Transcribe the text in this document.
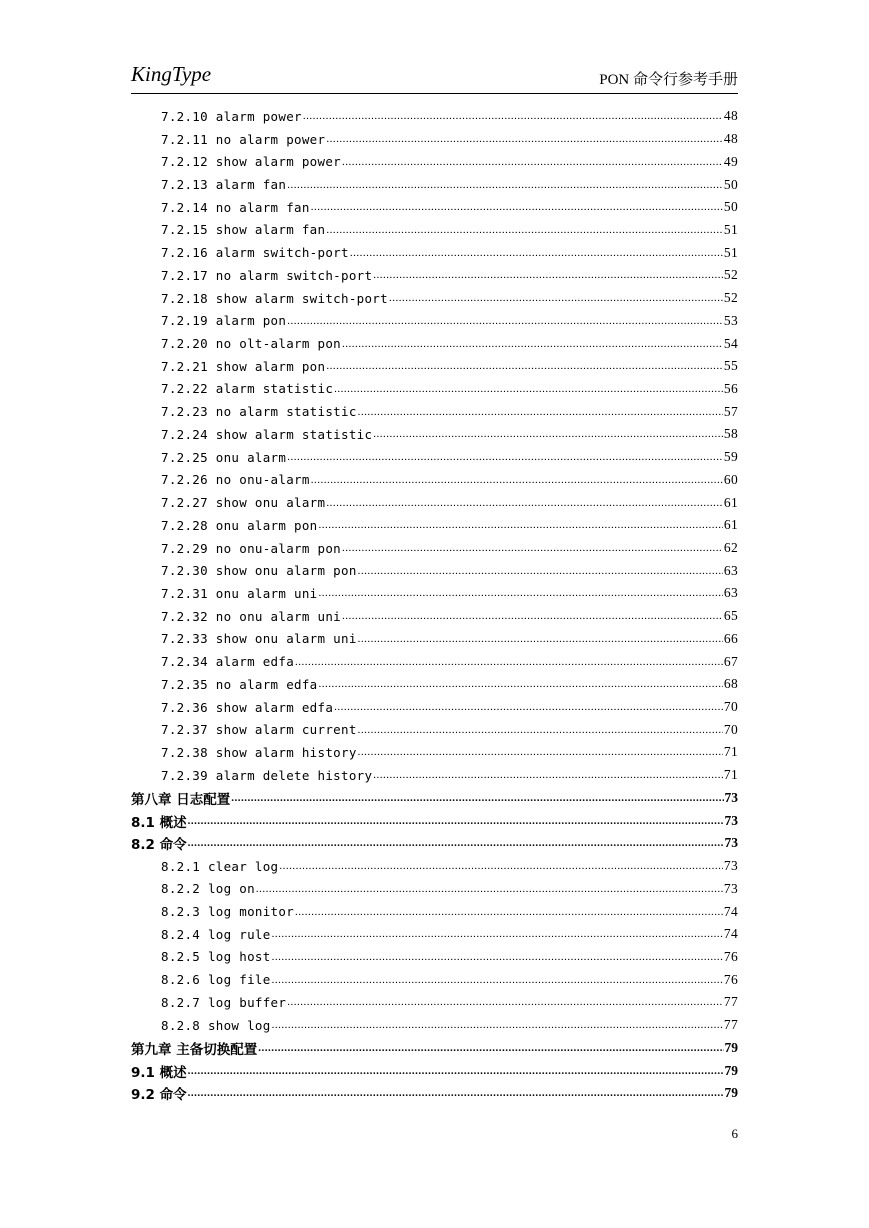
KingType	PON 命令行参考手册
7.2.10 alarm power .....	48
7.2.11 no alarm power .....	48
7.2.12 show alarm power .....	49
7.2.13 alarm fan .....	50
7.2.14 no alarm fan .....	50
7.2.15 show alarm fan .....	51
7.2.16 alarm switch-port .....	51
7.2.17 no alarm switch-port .....	52
7.2.18 show alarm switch-port .....	52
7.2.19 alarm pon .....	53
7.2.20 no olt-alarm pon .....	54
7.2.21 show alarm pon .....	55
7.2.22 alarm statistic .....	56
7.2.23 no alarm statistic .....	57
7.2.24 show alarm statistic .....	58
7.2.25 onu alarm .....	59
7.2.26 no onu-alarm .....	60
7.2.27 show onu alarm .....	61
7.2.28 onu alarm pon .....	61
7.2.29 no onu-alarm pon .....	62
7.2.30 show onu alarm pon .....	63
7.2.31 onu alarm uni .....	63
7.2.32 no onu alarm uni .....	65
7.2.33 show onu alarm uni .....	66
7.2.34 alarm edfa .....	67
7.2.35 no alarm edfa .....	68
7.2.36 show alarm edfa .....	70
7.2.37 show alarm current .....	70
7.2.38 show alarm history .....	71
7.2.39 alarm delete history .....	71
第八章 日志配置 .....	73
8.1 概述 .....	73
8.2 命令 .....	73
8.2.1 clear log .....	73
8.2.2 log on .....	73
8.2.3 log monitor .....	74
8.2.4 log rule .....	74
8.2.5 log host .....	76
8.2.6 log file .....	76
8.2.7 log buffer .....	77
8.2.8 show log .....	77
第九章 主备切换配置 .....	79
9.1 概述 .....	79
9.2 命令 .....	79
6
